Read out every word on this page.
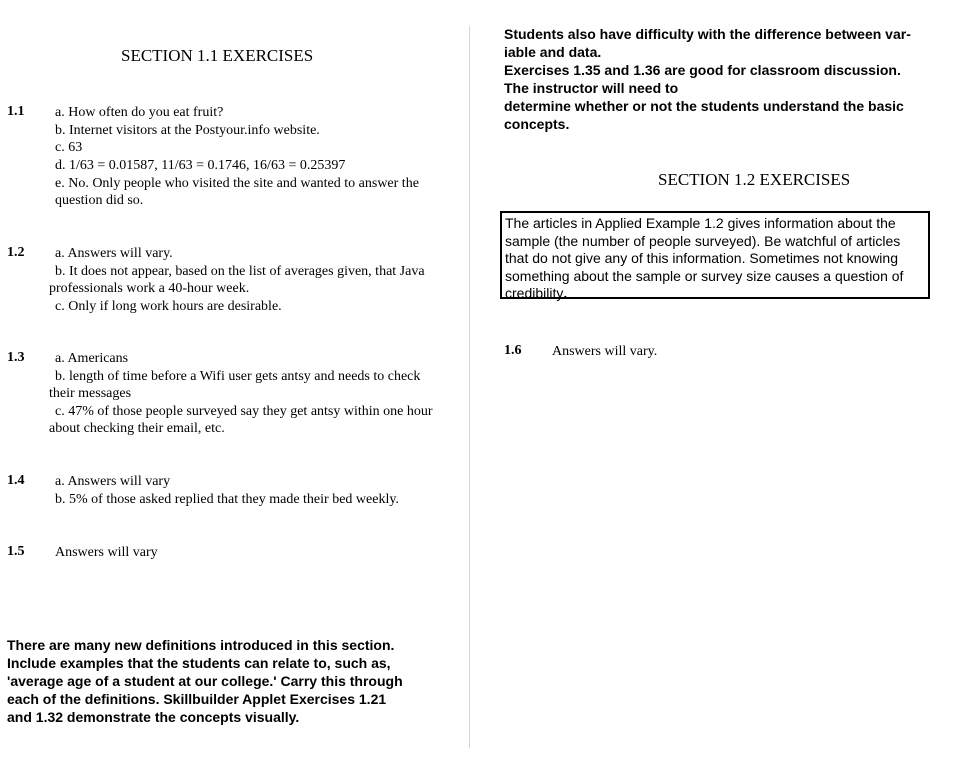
SECTION 1.1 EXERCISES
1.1 a. How often do you eat fruit?
b. Internet visitors at the Postyour.info website.
c. 63
d. 1/63 = 0.01587, 11/63 = 0.1746, 16/63 = 0.25397
e. No. Only people who visited the site and wanted to answer the
question did so.
1.2 a. Answers will vary.
b. It does not appear, based on the list of averages given, that Java
professionals work a 40-hour week.
c. Only if long work hours are desirable.
1.3 a. Americans
b. length of time before a Wifi user gets antsy and needs to check
their messages
c. 47% of those people surveyed say they get antsy within one hour
about checking their email, etc.
1.4 a. Answers will vary
b. 5% of those asked replied that they made their bed weekly.
1.5 Answers will vary
There are many new definitions introduced in this section.
Include examples that the students can relate to, such as,
'average age of a student at our college.' Carry this through
each of the definitions. Skillbuilder Applet Exercises 1.21
and 1.32 demonstrate the concepts visually.
Students also have difficulty with the difference between var-
iable and data.
Exercises 1.35 and 1.36 are good for classroom discussion.
The instructor will need to
determine whether or not the students understand the basic
concepts.
SECTION 1.2 EXERCISES
The articles in Applied Example 1.2 gives information about the
sample (the number of people surveyed). Be watchful of articles
that do not give any of this information. Sometimes not knowing
something about the sample or survey size causes a question of
credibility.
1.6 Answers will vary.
